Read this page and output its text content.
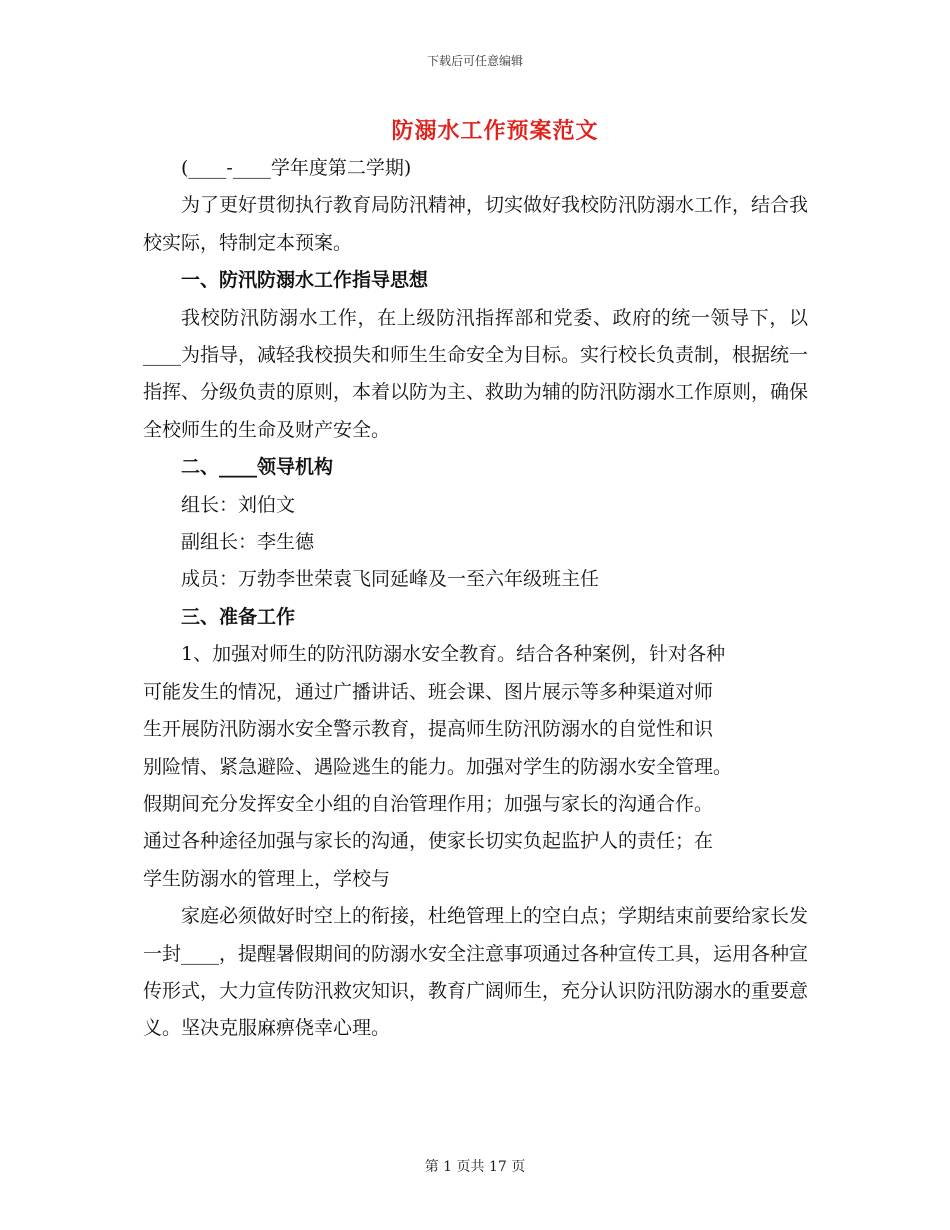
下载后可任意编辑
防溺水工作预案范文

(____-____学年度第二学期)

为了更好贯彻执行教育局防汛精神，切实做好我校防汛防溺水工作，结合我校实际，特制定本预案。

一、防汛防溺水工作指导思想

我校防汛防溺水工作，在上级防汛指挥部和党委、政府的统一领导下，以____为指导，减轻我校损失和师生生命安全为目标。实行校长负责制，根据统一指挥、分级负责的原则，本着以防为主、救助为辅的防汛防溺水工作原则，确保全校师生的生命及财产安全。

二、____领导机构

组长：刘伯文

副组长：李生德

成员：万勃李世荣袁飞同延峰及一至六年级班主任

三、准备工作

1、加强对师生的防汛防溺水安全教育。结合各种案例，针对各种

可能发生的情况，通过广播讲话、班会课、图片展示等多种渠道对师

生开展防汛防溺水安全警示教育，提高师生防汛防溺水的自觉性和识

别险情、紧急避险、遇险逃生的能力。加强对学生的防溺水安全管理。

假期间充分发挥安全小组的自治管理作用；加强与家长的沟通合作。

通过各种途径加强与家长的沟通，使家长切实负起监护人的责任；在

学生防溺水的管理上，学校与

家庭必须做好时空上的衔接，杜绝管理上的空白点；学期结束前要给家长发一封____，提醒暑假期间的防溺水安全注意事项通过各种宣传工具，运用各种宣传形式，大力宣传防汛救灾知识，教育广阔师生，充分认识防汛防溺水的重要意义。坚决克服麻痹侥幸心理。

第 1 页共 17 页
